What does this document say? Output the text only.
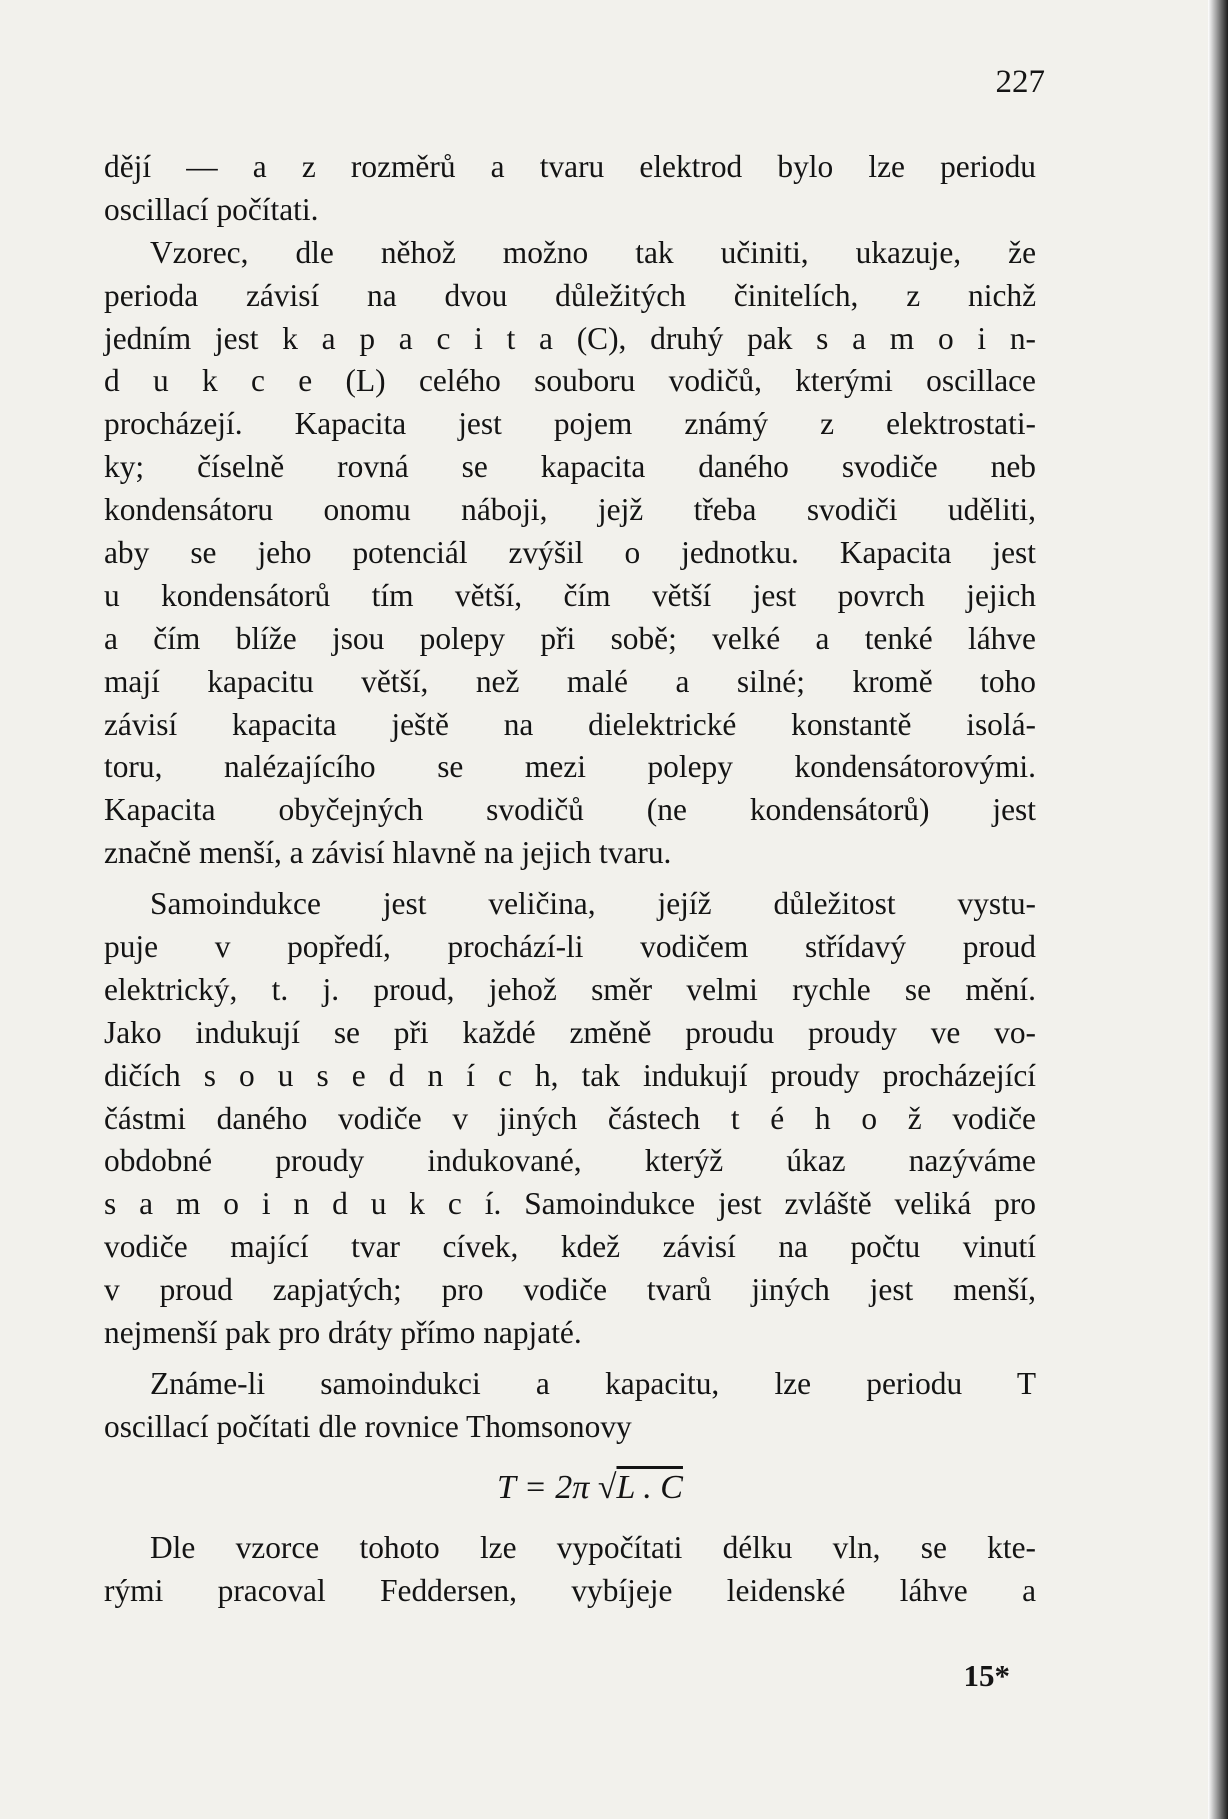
227
dějí — a z rozměrů a tvaru elektrod bylo lze periodu
oscillací počítati.
Vzorec, dle něhož možno tak učiniti, ukazuje, že
perioda závisí na dvou důležitých činitelích, z nichž
jedním jest k a p a c i t a (C), druhý pak s a m o i n-
d u k c e (L) celého souboru vodičů, kterými oscillace
procházejí. Kapacita jest pojem známý z elektrostati-
ky; číselně rovná se kapacita daného svodiče neb
kondensátoru onomu náboji, jejž třeba svodiči uděliti,
aby se jeho potenciál zvýšil o jednotku. Kapacita jest
u kondensátorů tím větší, čím větší jest povrch jejich
a čím blíže jsou polepy při sobě; velké a tenké láhve
mají kapacitu větší, než malé a silné; kromě toho
závisí kapacita ještě na dielektrické konstantě isolá-
toru, nalézajícího se mezi polepy kondensátorovými.
Kapacita obyčejných svodičů (ne kondensátorů) jest
značně menší, a závisí hlavně na jejich tvaru.
Samoindukce jest veličina, jejíž důležitost vystu-
puje v popředí, prochází-li vodičem střídavý proud
elektrický, t. j. proud, jehož směr velmi rychle se mění.
Jako indukují se při každé změně proudu proudy ve vo-
dičích s o u s e d n í c h, tak indukují proudy procházející
částmi daného vodiče v jiných částech t é h o ž vodiče
obdobné proudy indukované, kterýž úkaz nazýváme
s a m o i n d u k c í. Samoindukce jest zvláště veliká pro
vodiče mající tvar cívek, kdež závisí na počtu vinutí
v proud zapjatých; pro vodiče tvarů jiných jest menší,
nejmenší pak pro dráty přímo napjaté.
Známe-li samoindukci a kapacitu, lze periodu T
oscillací počítati dle rovnice Thomsonovy
T = 2π √L . C
Dle vzorce tohoto lze vypočítati délku vln, se kte-
rými pracoval Feddersen, vybíjeje leidenské láhve a
15*
